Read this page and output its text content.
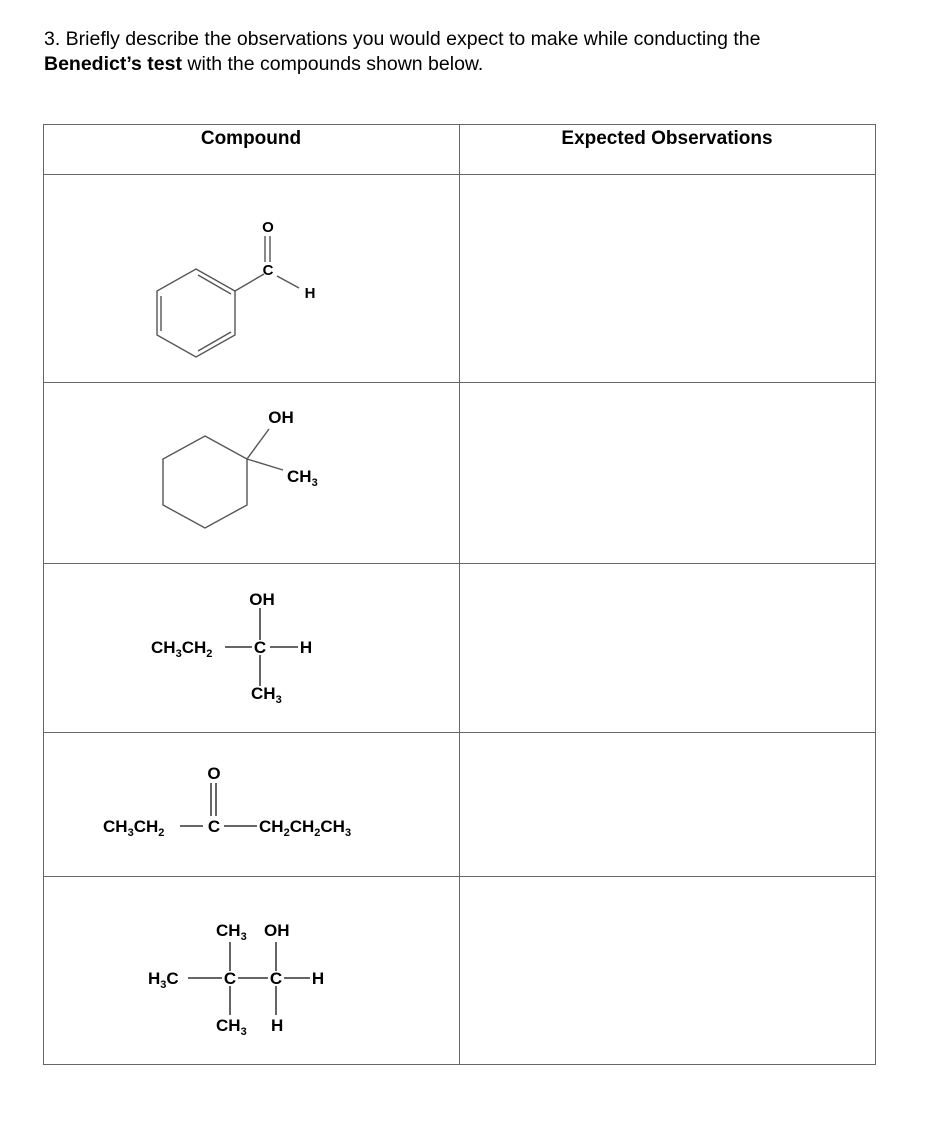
3. Briefly describe the observations you would expect to make while conducting the
Benedict’s test with the compounds shown below.
Compound	Expected Observations
O
C
H
OH
$CH_3$
OH
$CH_3CH_2$ C H
$CH_3$
O
$CH_3CH_2$	C $CH_2CH_2CH_3$
$CH_3$ OH
$H_3C$	C C H
$CH_3$ H
